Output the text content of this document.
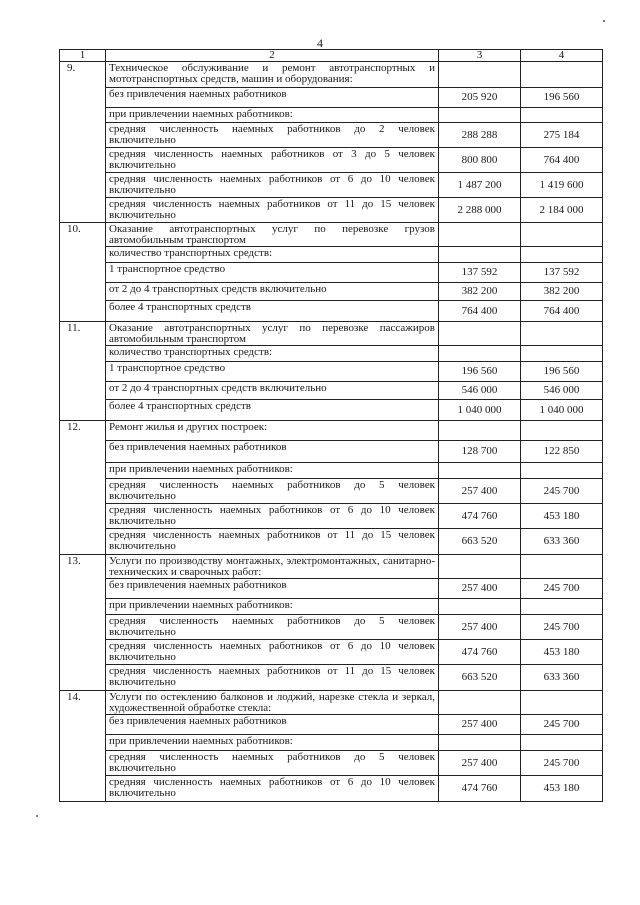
4
1	2	3	4
9.	Техническое обслуживание и ремонт автотранспортных и мототранспортных средств, машин и оборудования:		
	без привлечения наемных работников	205 920	196 560
	при привлечении наемных работников:		
	средняя численность наемных работников до 2 человек включительно	288 288	275 184
	средняя численность наемных работников от 3 до 5 человек включительно	800 800	764 400
	средняя численность наемных работников от 6 до 10 человек включительно	1 487 200	1 419 600
	средняя численность наемных работников от 11 до 15 человек включительно	2 288 000	2 184 000
10.	Оказание автотранспортных услуг по перевозке грузов автомобильным транспортом		
	количество транспортных средств:		
	1 транспортное средство	137 592	137 592
	от 2 до 4 транспортных средств включительно	382 200	382 200
	более 4 транспортных средств	764 400	764 400
11.	Оказание автотранспортных услуг по перевозке пассажиров автомобильным транспортом		
	количество транспортных средств:		
	1 транспортное средство	196 560	196 560
	от 2 до 4 транспортных средств включительно	546 000	546 000
	более 4 транспортных средств	1 040 000	1 040 000
12.	Ремонт жилья и других построек:		
	без привлечения наемных работников	128 700	122 850
	при привлечении наемных работников:		
	средняя численность наемных работников до 5 человек включительно	257 400	245 700
	средняя численность наемных работников от 6 до 10 человек включительно	474 760	453 180
	средняя численность наемных работников от 11 до 15 человек включительно	663 520	633 360
13.	Услуги по производству монтажных, электромонтажных, санитарно-технических и сварочных работ:		
	без привлечения наемных работников	257 400	245 700
	при привлечении наемных работников:		
	средняя численность наемных работников до 5 человек включительно	257 400	245 700
	средняя численность наемных работников от 6 до 10 человек включительно	474 760	453 180
	средняя численность наемных работников от 11 до 15 человек включительно	663 520	633 360
14.	Услуги по остеклению балконов и лоджий, нарезке стекла и зеркал, художественной обработке стекла:		
	без привлечения наемных работников	257 400	245 700
	при привлечении наемных работников:		
	средняя численность наемных работников до 5 человек включительно	257 400	245 700
	средняя численность наемных работников от 6 до 10 человек включительно	474 760	453 180
